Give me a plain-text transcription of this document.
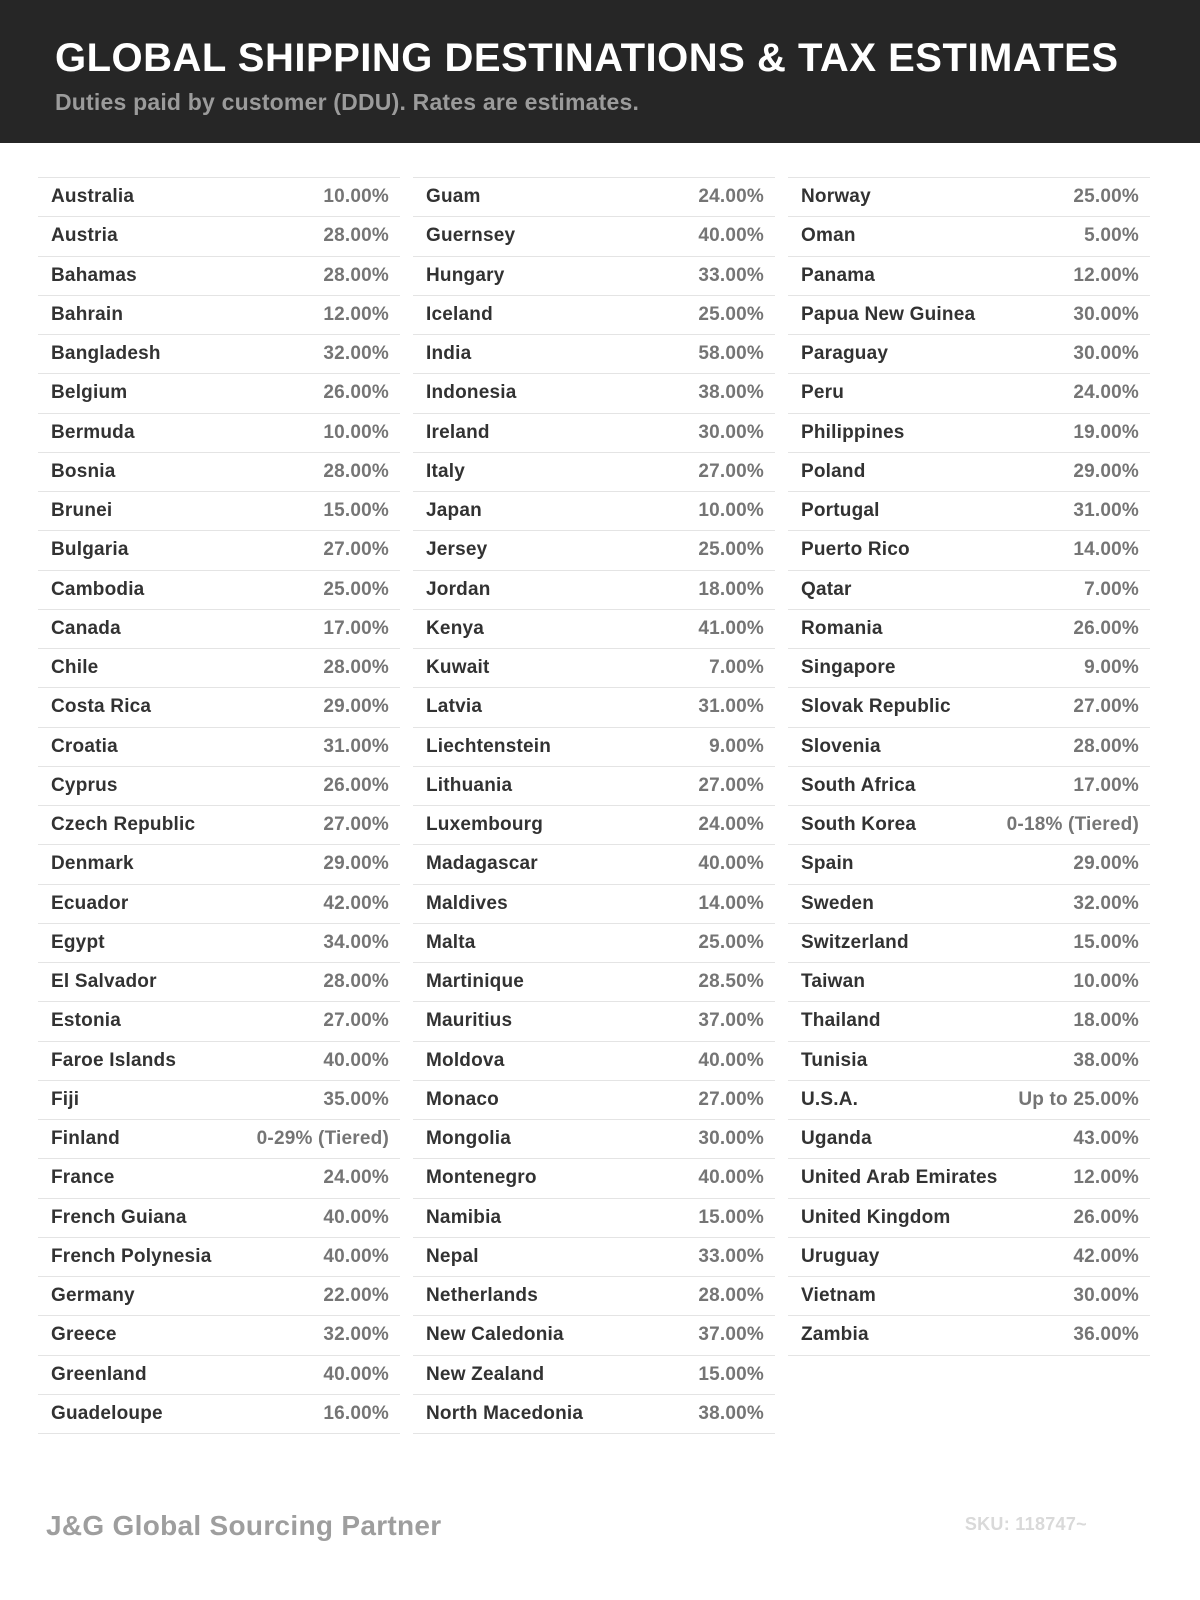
GLOBAL SHIPPING DESTINATIONS & TAX ESTIMATES
Duties paid by customer (DDU). Rates are estimates.
Australia	10.00%
Austria	28.00%
Bahamas	28.00%
Bahrain	12.00%
Bangladesh	32.00%
Belgium	26.00%
Bermuda	10.00%
Bosnia	28.00%
Brunei	15.00%
Bulgaria	27.00%
Cambodia	25.00%
Canada	17.00%
Chile	28.00%
Costa Rica	29.00%
Croatia	31.00%
Cyprus	26.00%
Czech Republic	27.00%
Denmark	29.00%
Ecuador	42.00%
Egypt	34.00%
El Salvador	28.00%
Estonia	27.00%
Faroe Islands	40.00%
Fiji	35.00%
Finland	0-29% (Tiered)
France	24.00%
French Guiana	40.00%
French Polynesia	40.00%
Germany	22.00%
Greece	32.00%
Greenland	40.00%
Guadeloupe	16.00%
Guam	24.00%
Guernsey	40.00%
Hungary	33.00%
Iceland	25.00%
India	58.00%
Indonesia	38.00%
Ireland	30.00%
Italy	27.00%
Japan	10.00%
Jersey	25.00%
Jordan	18.00%
Kenya	41.00%
Kuwait	7.00%
Latvia	31.00%
Liechtenstein	9.00%
Lithuania	27.00%
Luxembourg	24.00%
Madagascar	40.00%
Maldives	14.00%
Malta	25.00%
Martinique	28.50%
Mauritius	37.00%
Moldova	40.00%
Monaco	27.00%
Mongolia	30.00%
Montenegro	40.00%
Namibia	15.00%
Nepal	33.00%
Netherlands	28.00%
New Caledonia	37.00%
New Zealand	15.00%
North Macedonia	38.00%
Norway	25.00%
Oman	5.00%
Panama	12.00%
Papua New Guinea	30.00%
Paraguay	30.00%
Peru	24.00%
Philippines	19.00%
Poland	29.00%
Portugal	31.00%
Puerto Rico	14.00%
Qatar	7.00%
Romania	26.00%
Singapore	9.00%
Slovak Republic	27.00%
Slovenia	28.00%
South Africa	17.00%
South Korea	0-18% (Tiered)
Spain	29.00%
Sweden	32.00%
Switzerland	15.00%
Taiwan	10.00%
Thailand	18.00%
Tunisia	38.00%
U.S.A.	Up to 25.00%
Uganda	43.00%
United Arab Emirates	12.00%
United Kingdom	26.00%
Uruguay	42.00%
Vietnam	30.00%
Zambia	36.00%
J&G Global Sourcing Partner	SKU: 118747~
